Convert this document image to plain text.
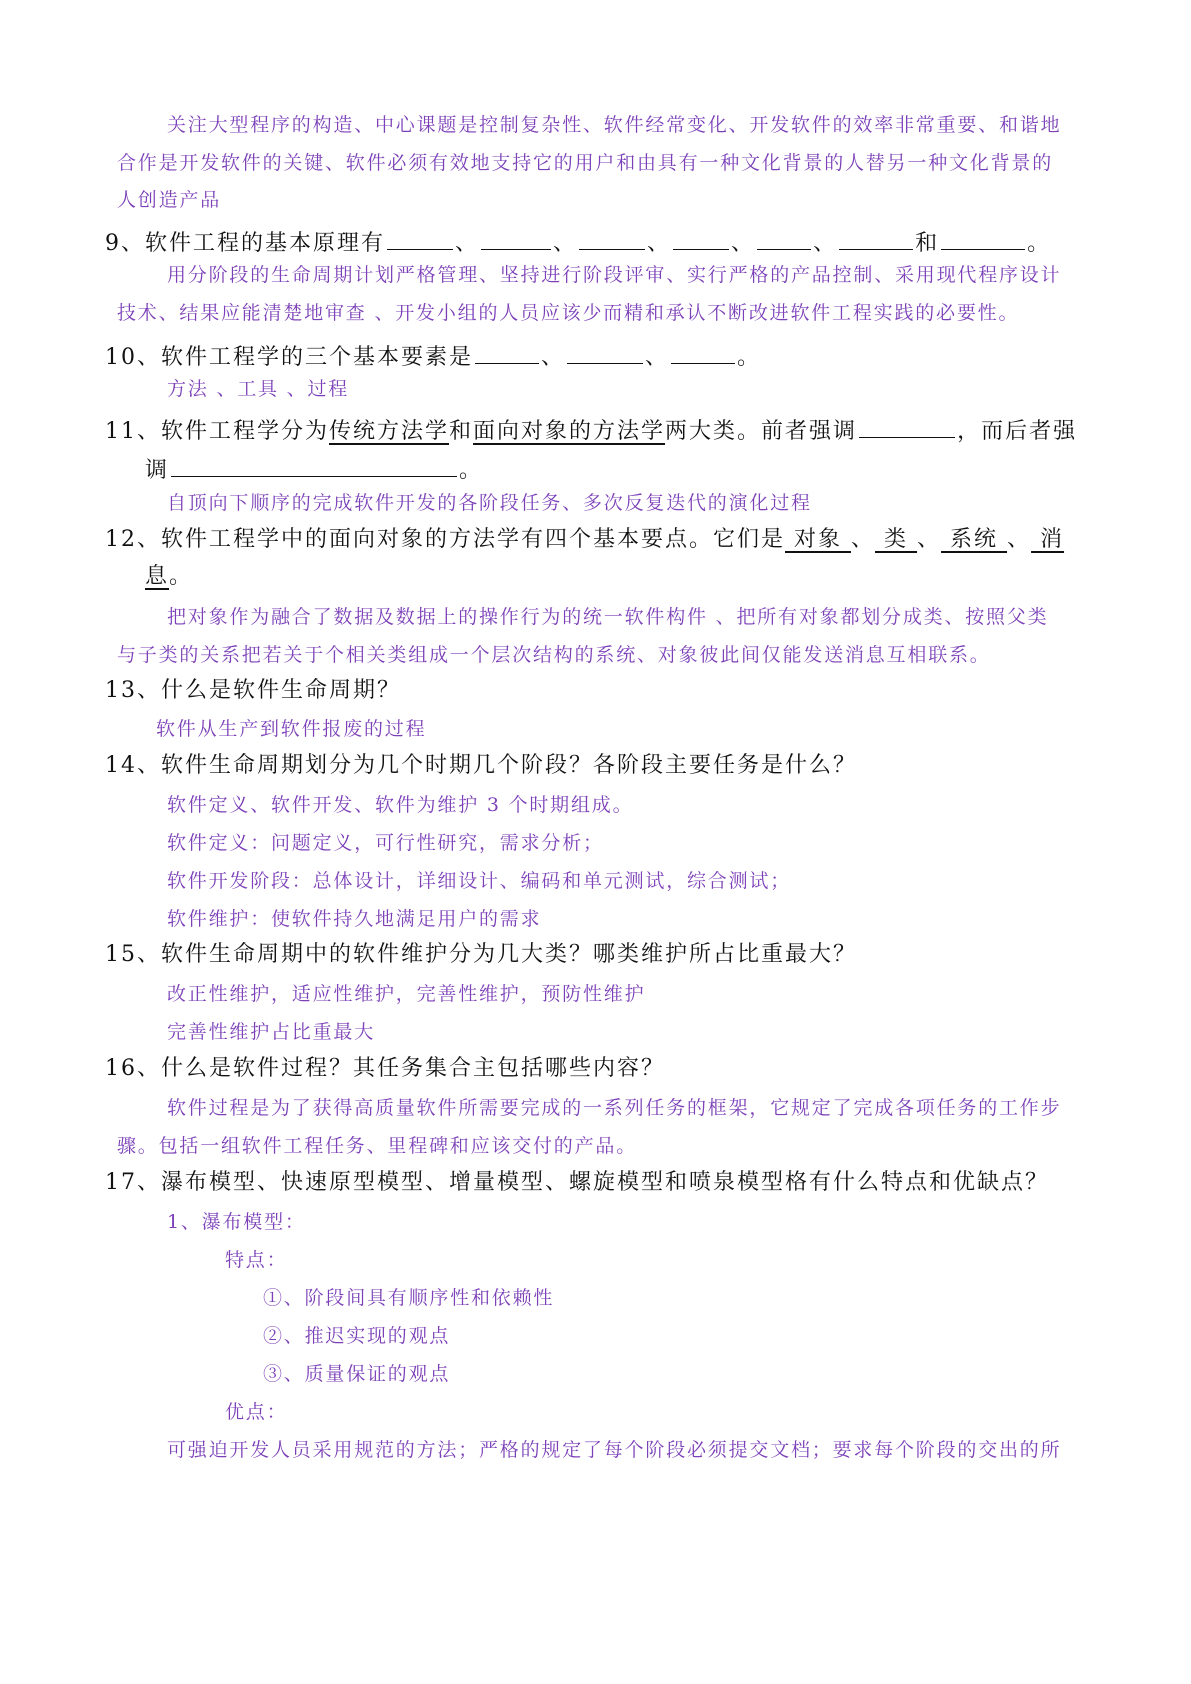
关注大型程序的构造、中心课题是控制复杂性、软件经常变化、开发软件的效率非常重要、和谐地
合作是开发软件的关键、软件必须有效地支持它的用户和由具有一种文化背景的人替另一种文化背景的
人创造产品
9、软件工程的基本原理有	、	、	、	、	、	和	。
用分阶段的生命周期计划严格管理、坚持进行阶段评审、实行严格的产品控制、采用现代程序设计
技术、结果应能清楚地审查 、开发小组的人员应该少而精和承认不断改进软件工程实践的必要性。
10、软件工程学的三个基本要素是	、	、	。
方法 、工具 、过程
11、软件工程学分为传统方法学和面向对象的方法学两大类。前者强调	，而后者强
调	。
自顶向下顺序的完成软件开发的各阶段任务、多次反复迭代的演化过程
12、软件工程学中的面向对象的方法学有四个基本要点。它们是 对象 、 类 、 系统 、 消
息。
把对象作为融合了数据及数据上的操作行为的统一软件构件 、把所有对象都划分成类、按照父类
与子类的关系把若关于个相关类组成一个层次结构的系统、对象彼此间仅能发送消息互相联系。
13、什么是软件生命周期？
软件从生产到软件报废的过程
14、软件生命周期划分为几个时期几个阶段？各阶段主要任务是什么？
软件定义、软件开发、软件为维护 3 个时期组成。
软件定义：问题定义，可行性研究，需求分析；
软件开发阶段：总体设计，详细设计、编码和单元测试，综合测试；
软件维护：使软件持久地满足用户的需求
15、软件生命周期中的软件维护分为几大类？哪类维护所占比重最大？
改正性维护，适应性维护，完善性维护，预防性维护
完善性维护占比重最大
16、什么是软件过程？其任务集合主包括哪些内容？
软件过程是为了获得高质量软件所需要完成的一系列任务的框架，它规定了完成各项任务的工作步
骤。包括一组软件工程任务、里程碑和应该交付的产品。
17、瀑布模型、快速原型模型、增量模型、螺旋模型和喷泉模型格有什么特点和优缺点？
1、瀑布模型：
特点：
①、阶段间具有顺序性和依赖性
②、推迟实现的观点
③、质量保证的观点
优点：
可强迫开发人员采用规范的方法；严格的规定了每个阶段必须提交文档；要求每个阶段的交出的所
